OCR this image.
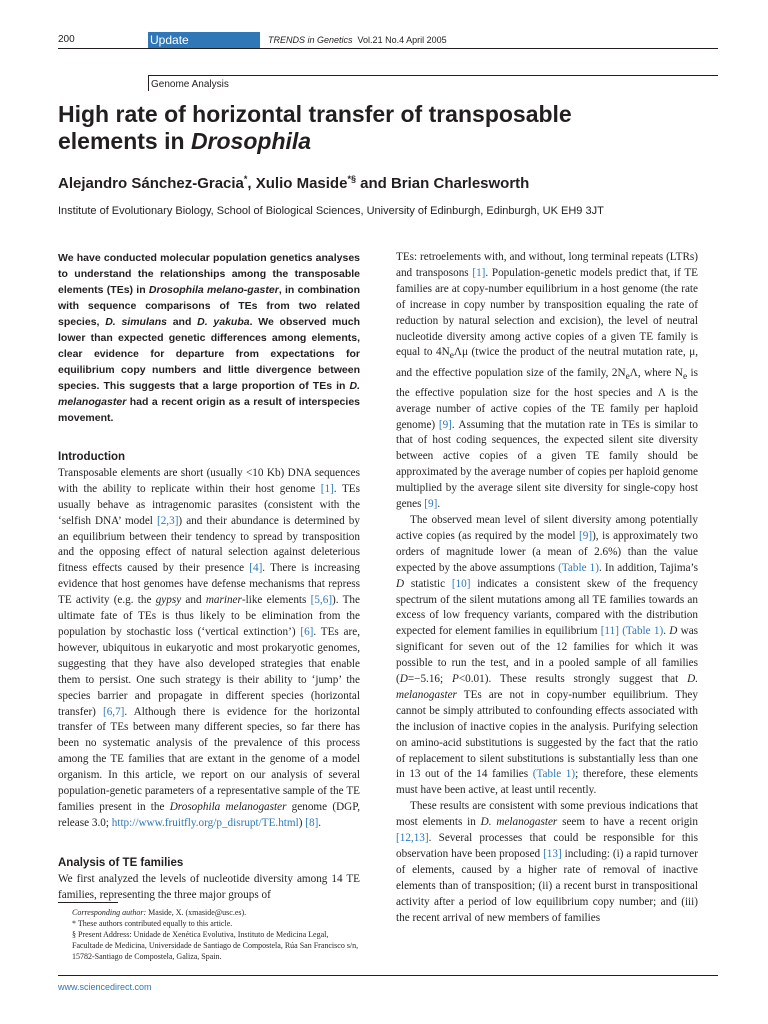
200	Update	TRENDS in Genetics Vol.21 No.4 April 2005
Genome Analysis
High rate of horizontal transfer of transposable
elements in Drosophila
Alejandro Sánchez-Gracia*, Xulio Maside*§ and Brian Charlesworth
Institute of Evolutionary Biology, School of Biological Sciences, University of Edinburgh, Edinburgh, UK EH9 3JT

We have conducted molecular population genetics analyses to understand the relationships among the transposable elements (TEs) in Drosophila melano-gaster, in combination with sequence comparisons of TEs from two related species, D. simulans and D. yakuba. We observed much lower than expected genetic differences among elements, clear evidence for departure from expectations for equilibrium copy numbers and little divergence between species. This suggests that a large proportion of TEs in D. melanogaster had a recent origin as a result of interspecies movement.

Introduction

Transposable elements are short (usually <10 Kb) DNA sequences with the ability to replicate within their host genome [1]. TEs usually behave as intragenomic parasites (consistent with the ‘selfish DNA’ model [2,3]) and their abundance is determined by an equilibrium between their tendency to spread by transposition and the opposing effect of natural selection against deleterious fitness effects caused by their presence [4]. There is increasing evidence that host genomes have defense mechanisms that repress TE activity (e.g. the gypsy and mariner-like elements [5,6]). The ultimate fate of TEs is thus likely to be elimination from the population by stochastic loss (‘vertical extinction’) [6]. TEs are, however, ubiquitous in eukaryotic and most prokaryotic genomes, suggesting that they have also developed strategies that enable them to persist. One such strategy is their ability to ‘jump’ the species barrier and propagate in different species (horizontal transfer) [6,7]. Although there is evidence for the horizontal transfer of TEs between many different species, so far there has been no systematic analysis of the prevalence of this process among the TE families that are extant in the genome of a model organism. In this article, we report on our analysis of several population-genetic parameters of a representative sample of the TE families present in the Drosophila melanogaster genome (DGP, release 3.0; http://www.fruitfly.org/p_disrupt/TE.html) [8].

Analysis of TE families

We first analyzed the levels of nucleotide diversity among 14 TE families, representing the three major groups of

TEs: retroelements with, and without, long terminal repeats (LTRs) and transposons [1]. Population-genetic models predict that, if TE families are at copy-number equilibrium in a host genome (the rate of increase in copy number by transposition equaling the rate of reduction by natural selection and excision), the level of neutral nucleotide diversity among active copies of a given TE family is equal to $4N_e\Lambda\mu$ (twice the product of the neutral mutation rate, μ, and the effective population size of the family, $2N_e\Lambda$, where $N_e$ is the effective population size for the host species and Λ is the average number of active copies of the TE family per haploid genome) [9]. Assuming that the mutation rate in TEs is similar to that of host coding sequences, the expected silent site diversity between active copies of a given TE family should be approximated by the average number of copies per haploid genome multiplied by the average silent site diversity for single-copy host genes [9].

The observed mean level of silent diversity among potentially active copies (as required by the model [9]), is approximately two orders of magnitude lower (a mean of 2.6%) than the value expected by the above assumptions (Table 1). In addition, Tajima’s D statistic [10] indicates a consistent skew of the frequency spectrum of the silent mutations among all TE families towards an excess of low frequency variants, compared with the distribution expected for element families in equilibrium [11] (Table 1). D was significant for seven out of the 12 families for which it was possible to run the test, and in a pooled sample of all families (D=−5.16; P<0.01). These results strongly suggest that D. melanogaster TEs are not in copy-number equilibrium. They cannot be simply attributed to confounding effects associated with the inclusion of inactive copies in the analysis. Purifying selection on amino-acid substitutions is suggested by the fact that the ratio of replacement to silent substitutions is substantially less than one in 13 out of the 14 families (Table 1); therefore, these elements must have been active, at least until recently.

These results are consistent with some previous indications that most elements in D. melanogaster seem to have a recent origin [12,13]. Several processes that could be responsible for this observation have been proposed [13] including: (i) a rapid turnover of elements, caused by a higher rate of removal of inactive elements than of transposition; (ii) a recent burst in transpositional activity after a period of low equilibrium copy number; and (iii) the recent arrival of new members of families

Corresponding author: Maside, X. (xmaside@usc.es).

* These authors contributed equally to this article.

§ Present Address: Unidade de Xenética Evolutiva, Instituto de Medicina Legal, Facultade de Medicina, Universidade de Santiago de Compostela, Rúa San Francisco s/n, 15782-Santiago de Compostela, Galiza, Spain.

www.sciencedirect.com
